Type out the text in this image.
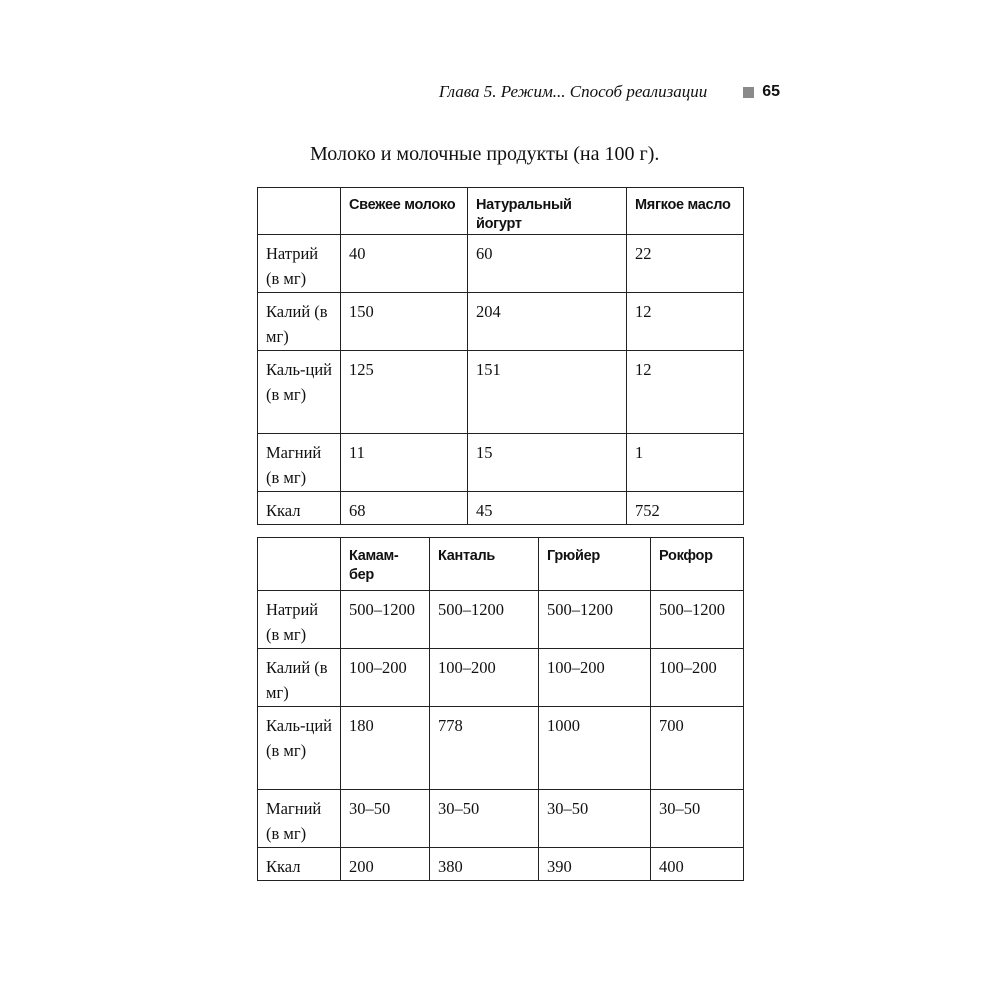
Глава 5. Режим... Способ реализации	65
Молоко и молочные продукты (на 100 г).
	Свежее молоко	Натуральный йогурт	Мягкое масло
Натрий (в мг)	40	60	22
Калий (в мг)	150	204	12
Каль-ций (в мг)	125	151	12
Магний (в мг)	11	15	1
Ккал	68	45	752
	Камам-бер	Канталь	Грюйер	Рокфор
Натрий (в мг)	500–1200	500–1200	500–1200	500–1200
Калий (в мг)	100–200	100–200	100–200	100–200
Каль-ций (в мг)	180	778	1000	700
Магний (в мг)	30–50	30–50	30–50	30–50
Ккал	200	380	390	400
